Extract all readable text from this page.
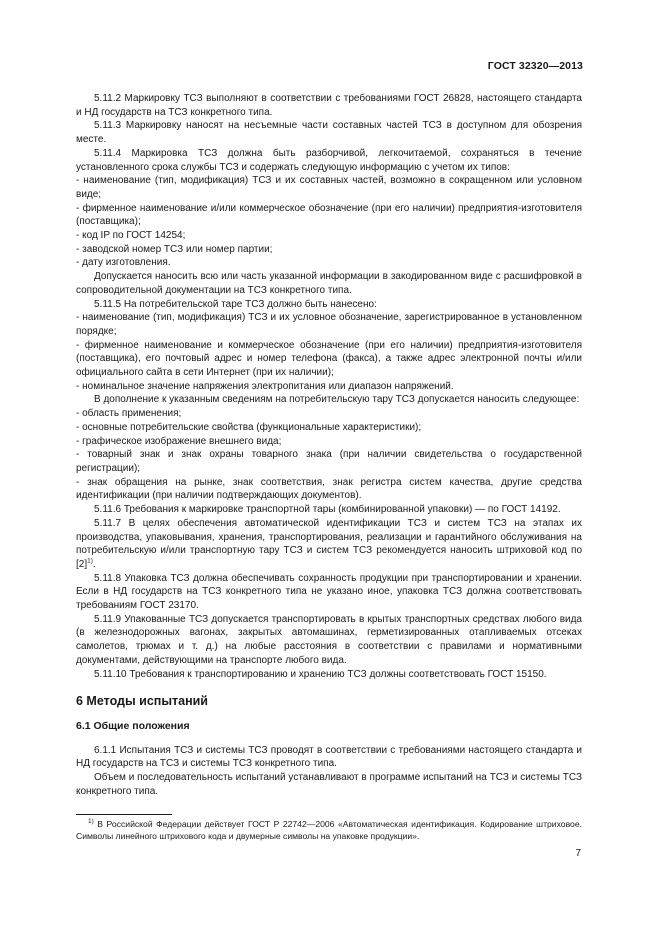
ГОСТ 32320—2013

5.11.2 Маркировку ТСЗ выполняют в соответствии с требованиями ГОСТ 26828, настоящего стандарта и НД государств на ТСЗ конкретного типа.

5.11.3 Маркировку наносят на несъемные части составных частей ТСЗ в доступном для обозрения месте.

5.11.4 Маркировка ТСЗ должна быть разборчивой, легкочитаемой, сохраняться в течение установленного срока службы ТСЗ и содержать следующую информацию с учетом их типов:

- наименование (тип, модификация) ТСЗ и их составных частей, возможно в сокращенном или условном виде;

- фирменное наименование и/или коммерческое обозначение (при его наличии) предприятия-изготовителя (поставщика);

- код IP по ГОСТ 14254;

- заводской номер ТСЗ или номер партии;

- дату изготовления.

Допускается наносить всю или часть указанной информации в закодированном виде с расшифровкой в сопроводительной документации на ТСЗ конкретного типа.

5.11.5 На потребительской таре ТСЗ должно быть нанесено:

- наименование (тип, модификация) ТСЗ и их условное обозначение, зарегистрированное в установленном порядке;

- фирменное наименование и коммерческое обозначение (при его наличии) предприятия-изготовителя (поставщика), его почтовый адрес и номер телефона (факса), а также адрес электронной почты и/или официального сайта в сети Интернет (при их наличии);

- номинальное значение напряжения электропитания или диапазон напряжений.

В дополнение к указанным сведениям на потребительскую тару ТСЗ допускается наносить следующее:

- область применения;

- основные потребительские свойства (функциональные характеристики);

- графическое изображение внешнего вида;

- товарный знак и знак охраны товарного знака (при наличии свидетельства о государственной регистрации);

- знак обращения на рынке, знак соответствия, знак регистра систем качества, другие средства идентификации (при наличии подтверждающих документов).

5.11.6 Требования к маркировке транспортной тары (комбинированной упаковки) — по ГОСТ 14192.

5.11.7 В целях обеспечения автоматической идентификации ТСЗ и систем ТСЗ на этапах их производства, упаковывания, хранения, транспортирования, реализации и гарантийного обслуживания на потребительскую и/или транспортную тару ТСЗ и систем ТСЗ рекомендуется наносить штриховой код по $[2]^{1)}$.

5.11.8 Упаковка ТСЗ должна обеспечивать сохранность продукции при транспортировании и хранении. Если в НД государств на ТСЗ конкретного типа не указано иное, упаковка ТСЗ должна соответствовать требованиям ГОСТ 23170.

5.11.9 Упакованные ТСЗ допускается транспортировать в крытых транспортных средствах любого вида (в железнодорожных вагонах, закрытых автомашинах, герметизированных отапливаемых отсеках самолетов, трюмах и т. д.) на любые расстояния в соответствии с правилами и нормативными документами, действующими на транспорте любого вида.

5.11.10 Требования к транспортированию и хранению ТСЗ должны соответствовать ГОСТ 15150.

6 Методы испытаний
6.1 Общие положения

6.1.1 Испытания ТСЗ и системы ТСЗ проводят в соответствии с требованиями настоящего стандарта и НД государств на ТСЗ и системы ТСЗ конкретного типа.

Объем и последовательность испытаний устанавливают в программе испытаний на ТСЗ и системы ТСЗ конкретного типа.

$^{1)}$ В Российской Федерации действует ГОСТ Р 22742—2006 «Автоматическая идентификация. Кодирование штриховое. Символы линейного штрихового кода и двумерные символы на упаковке продукции».

7
